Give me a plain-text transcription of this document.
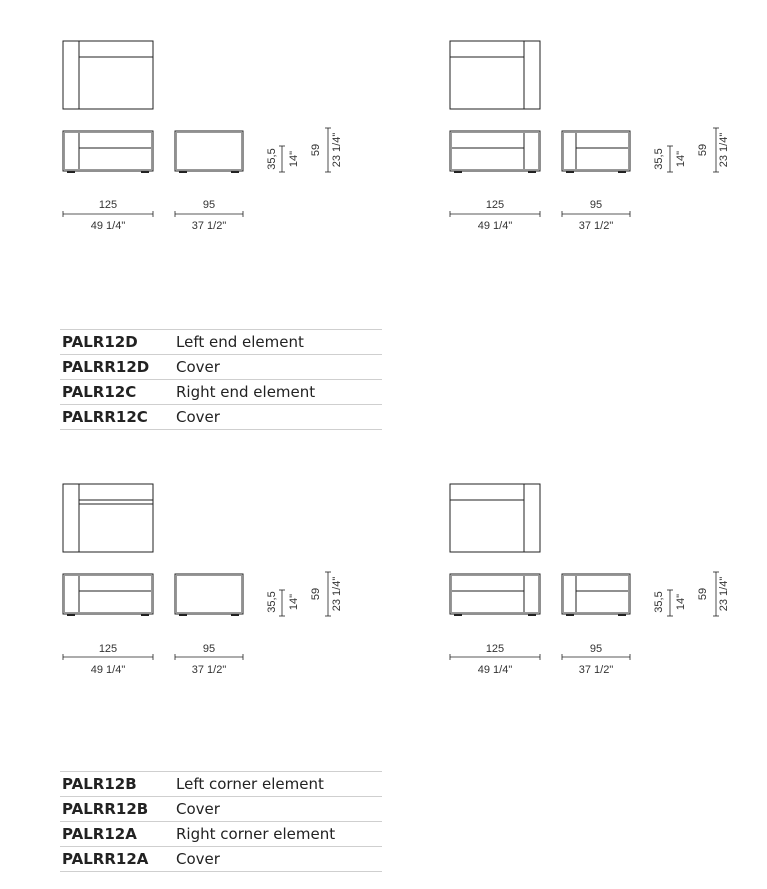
125
49 1/4"
95
37 1/2"
35,5 14"
59 23 1/4"
125
49 1/4"
95
37 1/2"
35,5 14"
59 23 1/4"
125
49 1/4"
95
37 1/2"
35,5 14" 59 23 1/4"
125
49 1/4"
95
37 1/2"
35,5 14" 59 23 1/4"
PALR12D	Left end element
PALRR12D	Cover
PALR12C	Right end element
PALRR12C	Cover
PALR12B	Left corner element
PALRR12B	Cover
PALR12A	Right corner element
PALRR12A	Cover
